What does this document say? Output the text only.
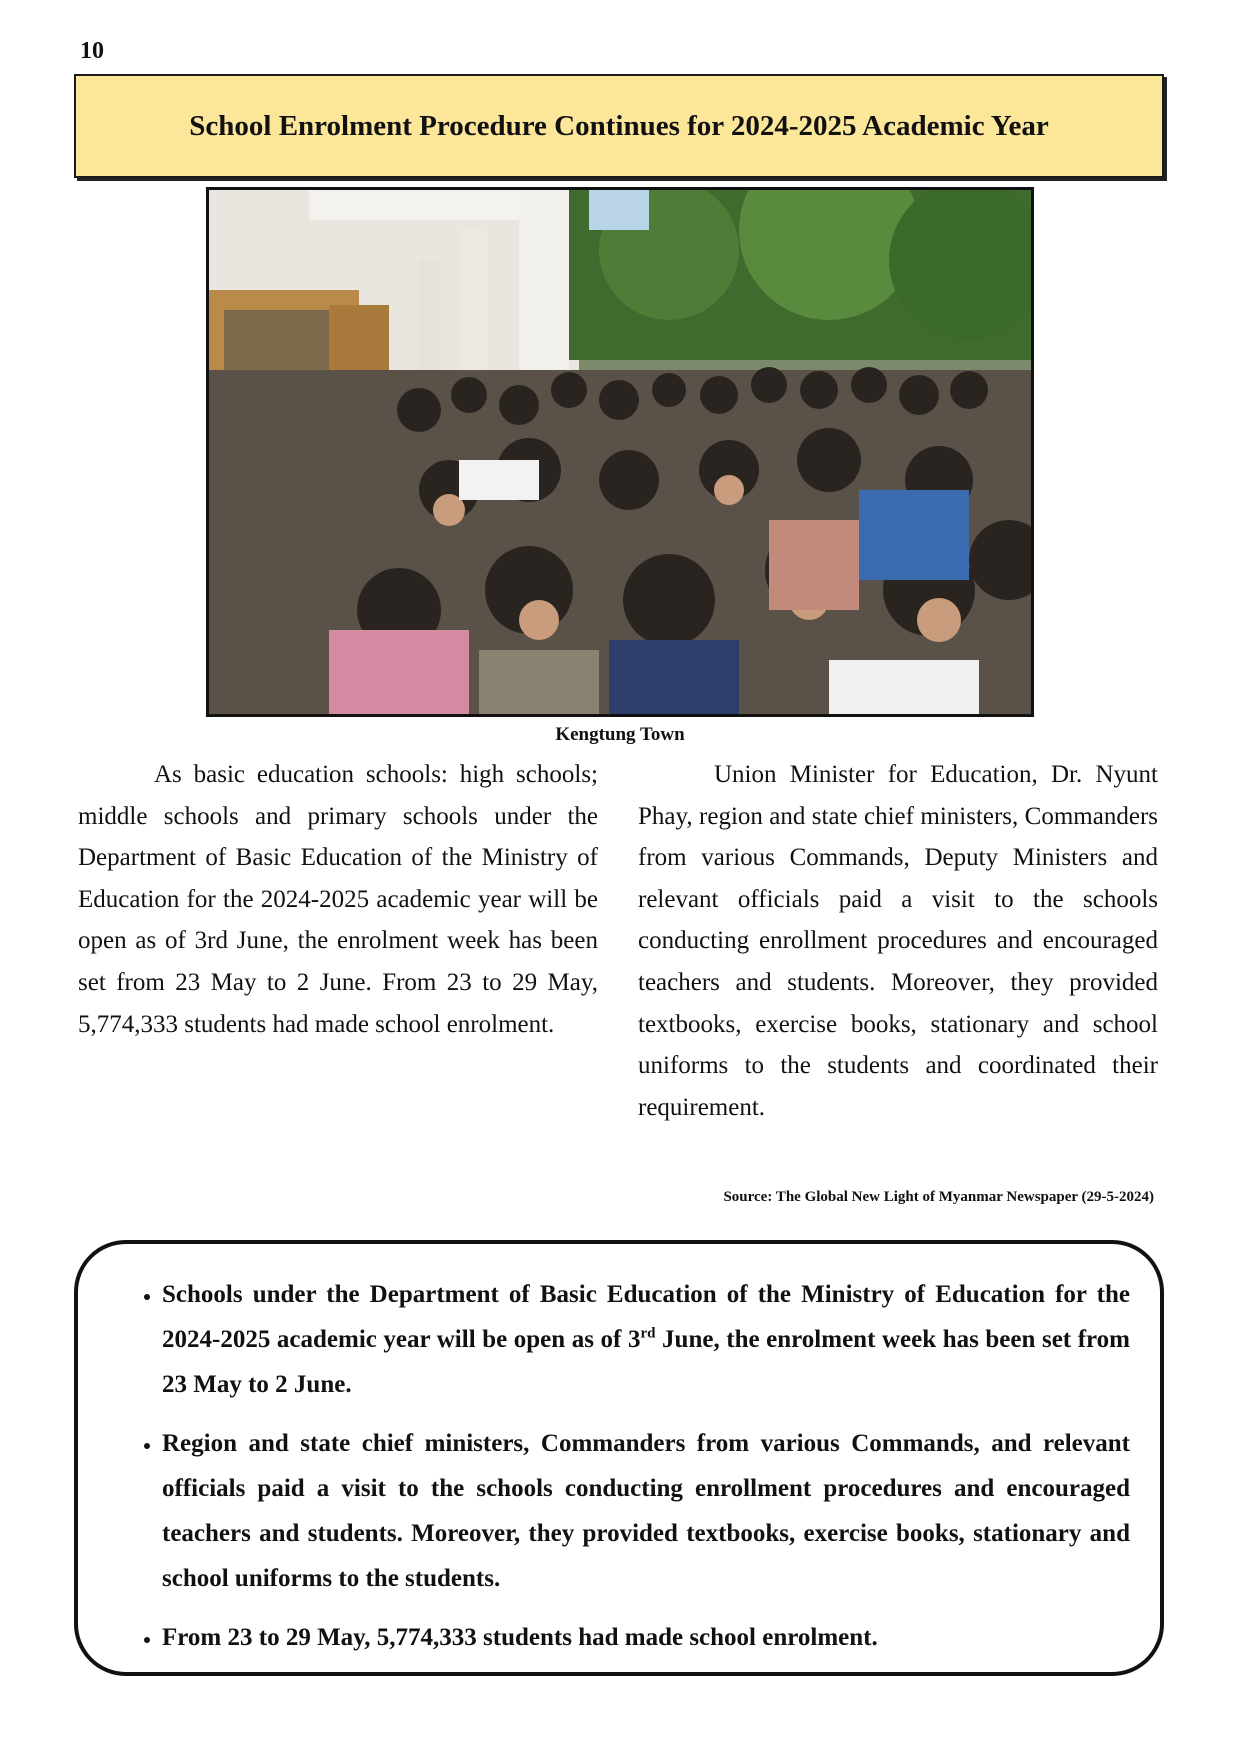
10
School Enrolment Procedure Continues for 2024-2025 Academic Year
Kengtung Town

As basic education schools: high schools; middle schools and primary schools under the Department of Basic Education of the Ministry of Education for the 2024-2025 academic year will be open as of 3rd June, the enrolment week has been set from 23 May to 2 June. From 23 to 29 May, 5,774,333 students had made school enrolment.

Union Minister for Education, Dr. Nyunt Phay, region and state chief ministers, Commanders from various Commands, Deputy Ministers and relevant officials paid a visit to the schools conducting enrollment procedures and encouraged teachers and students. Moreover, they provided textbooks, exercise books, stationary and school uniforms to the students and coordinated their requirement.

Source: The Global New Light of Myanmar Newspaper (29-5-2024)
• Schools under the Department of Basic Education of the Ministry of Education for the 2024-2025 academic year will be open as of 3rd June, the enrolment week has been set from 23 May to 2 June.
• Region and state chief ministers, Commanders from various Commands, and relevant officials paid a visit to the schools conducting enrollment procedures and encouraged teachers and students. Moreover, they provided textbooks, exercise books, stationary and school uniforms to the students.
• From 23 to 29 May, 5,774,333 students had made school enrolment.
